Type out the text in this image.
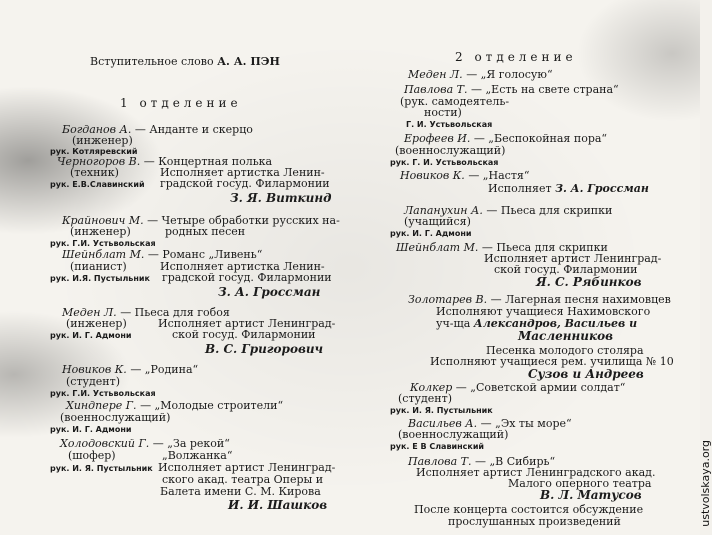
Вступительное слово А. А. ПЭН
1 отделение
Богданов А. — Анданте и скерцо
(инженер)
рук. Котляревский
Черногоров В. — Концертная полька
(техник)	Исполняет артистка Ленин-
рук. Е.В.Славинский градской госуд. Филармонии
З. Я. Виткинд
Крайнович М. — Четыре обработки русских на-
(инженер)	родных песен
рук. Г.И. Устьвольская
Шейнблат М. — Романс „Ливень“
(пианист)	Исполняет артистка Ленин-
рук. И.Я. Пустыльник градской госуд. Филармонии
З. А. Гроссман
Меден Л. — Пьеса для гобоя
(инженер)	Исполняет артист Ленинград-
рук. И. Г. Адмони	ской госуд. Филармонии
В. С. Григорович
Новиков К. — „Родина“
(студент)
рук. Г.И. Устьвольская
Хиндпере Г. — „Молодые строители“
(военнослужащий)
рук. И. Г. Адмони
Холодовский Г. — „За рекой“
(шофер)	„Волжанка“
рук. И. Я. Пустыльник Исполняет артист Ленинград-
ского акад. театра Оперы и
Балета имени С. М. Кирова
И. И. Шашков
2 отделение
Меден Л. — „Я голосую“
Павлова Т. — „Есть на свете страна“
(рук. самодеятель-
ности)
Г. И. Устьвольская
Ерофеев И. — „Беспокойная пора“
(военнослужащий)
рук. Г. И. Устьвольская
Новиков К. — „Настя“
Исполняет З. А. Гроссман
Лапанухин А. — Пьеса для скрипки
(учащийся)
рук. И. Г. Адмони
Шейнблат М. — Пьеса для скрипки
Исполняет артист Ленинград-
ской госуд. Филармонии
Я. С. Рябинков
Золотарев В. — Лагерная песня нахимовцев
Исполняют учащиеся Нахимовского
уч-ща Александров, Васильев и
Масленников
Песенка молодого столяра
Исполняют учащиеся рем. училища № 10
Сузов и Андреев
Колкер — „Советской армии солдат“
(студент)
рук. И. Я. Пустыльник
Васильев А. — „Эх ты море“
(военнослужащий)
рук. Е В Славинский
Павлова Т. — „В Сибирь“
Исполняет артист Ленинградского акад.
Малого оперного театра
В. Л. Матусов
После концерта состоится обсуждение
прослушанных произведений	ustvolskaya.org
